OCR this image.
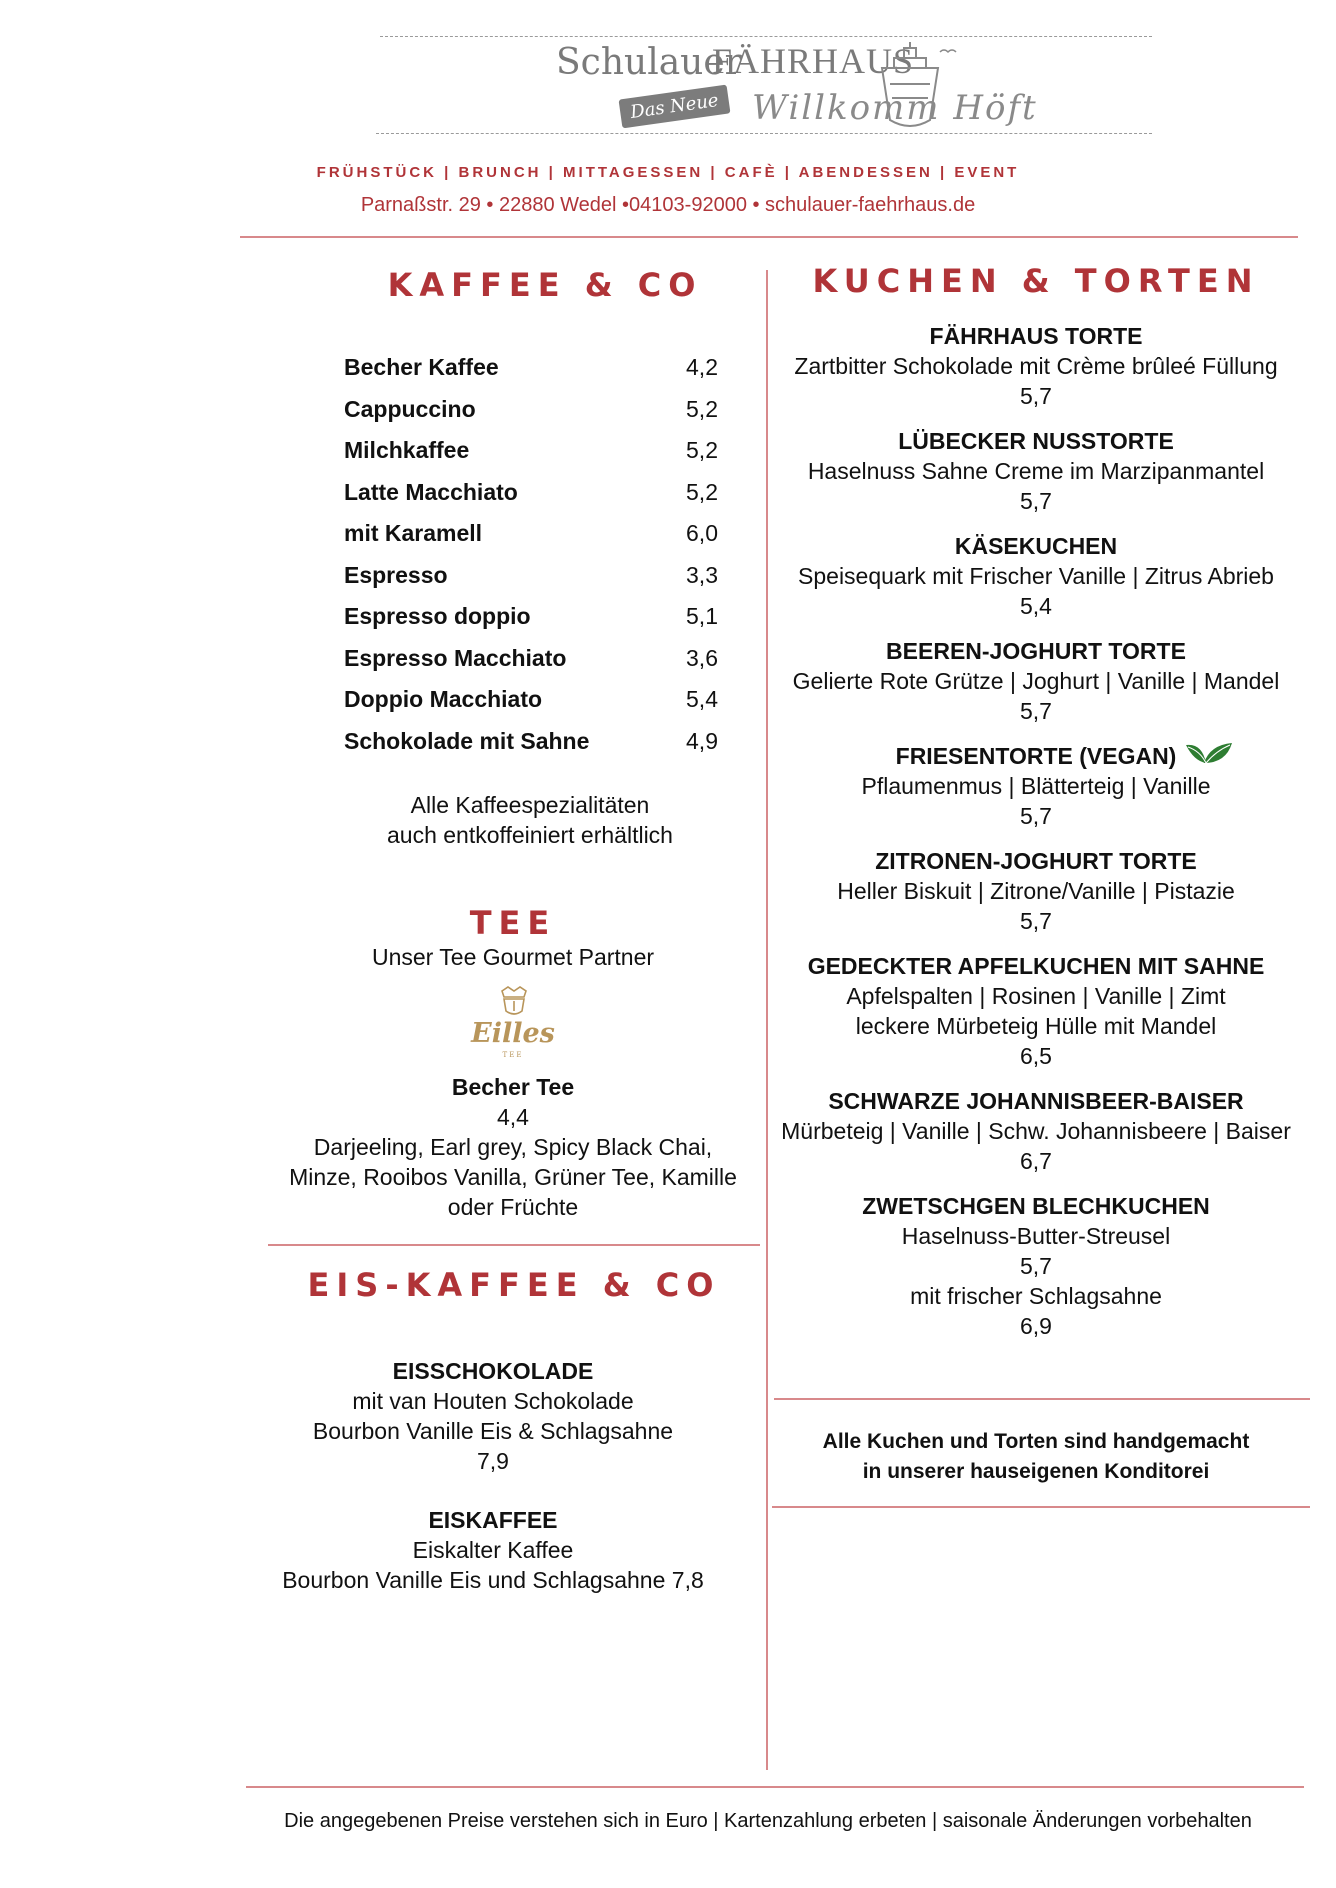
Schulauer
FÄHRHAUS
Das Neue Willkomm Höft
FRÜHSTÜCK | BRUNCH | MITTAGESSEN | CAFÈ | ABENDESSEN | EVENT
Parnaßstr. 29 • 22880 Wedel •04103-92000 • schulauer-faehrhaus.de
KAFFEE & CO
Becher Kaffee	4,2
Cappuccino	5,2
Milchkaffee	5,2
Latte Macchiato	5,2
mit Karamell	6,0
Espresso	3,3
Espresso doppio	5,1
Espresso Macchiato	3,6
Doppio Macchiato	5,4
Schokolade mit Sahne	4,9
Alle Kaffeespezialitäten
auch entkoffeiniert erhältlich
TEE
Unser Tee Gourmet Partner
Eilles
TEE
Becher Tee
4,4
Darjeeling, Earl grey, Spicy Black Chai,
Minze, Rooibos Vanilla, Grüner Tee, Kamille
oder Früchte
EIS-KAFFEE & CO
EISSCHOKOLADE
mit van Houten Schokolade
Bourbon Vanille Eis & Schlagsahne
7,9
EISKAFFEE
Eiskalter Kaffee
Bourbon Vanille Eis und Schlagsahne 7,8
KUCHEN & TORTEN
FÄHRHAUS TORTE
Zartbitter Schokolade mit Crème brûleé Füllung
5,7
LÜBECKER NUSSTORTE
Haselnuss Sahne Creme im Marzipanmantel
5,7
KÄSEKUCHEN
Speisequark mit Frischer Vanille | Zitrus Abrieb
5,4
BEEREN-JOGHURT TORTE
Gelierte Rote Grütze | Joghurt | Vanille | Mandel
5,7
FRIESENTORTE (VEGAN)
Pflaumenmus | Blätterteig | Vanille
5,7
ZITRONEN-JOGHURT TORTE
Heller Biskuit | Zitrone/Vanille | Pistazie
5,7
GEDECKTER APFELKUCHEN MIT SAHNE
Apfelspalten | Rosinen | Vanille | Zimt
leckere Mürbeteig Hülle mit Mandel
6,5
SCHWARZE JOHANNISBEER-BAISER
Mürbeteig | Vanille | Schw. Johannisbeere | Baiser
6,7
ZWETSCHGEN BLECHKUCHEN
Haselnuss-Butter-Streusel
5,7
mit frischer Schlagsahne
6,9
Alle Kuchen und Torten sind handgemacht
in unserer hauseigenen Konditorei
Die angegebenen Preise verstehen sich in Euro | Kartenzahlung erbeten | saisonale Änderungen vorbehalten
